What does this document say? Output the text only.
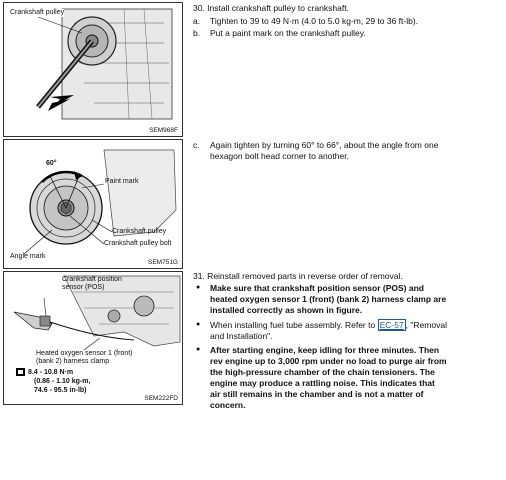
Crankshaft pulley
SEM968F
60°
Paint mark
Crankshaft pulley
Crankshaft pulley bolt
Angle mark
SEM751G
Crankshaft position
sensor (POS)
Heated oxygen sensor 1 (front)
(bank 2) harness clamp
8.4 - 10.8 N·m
(0.86 - 1.10 kg-m,
74.6 - 95.5 in-lb)
SEM222FD
30. Install crankshaft pulley to crankshaft.
a. Tighten to 39 to 49 N·m (4.0 to 5.0 kg-m, 29 to 36 ft-lb).
b. Put a paint mark on the crankshaft pulley.
c. Again tighten by turning 60° to 66°, about the angle from one
hexagon bolt head corner to another.
31. Reinstall removed parts in reverse order of removal.
● Make sure that crankshaft position sensor (POS) and
heated oxygen sensor 1 (front) (bank 2) harness clamp are
installed correctly as shown in figure.
● When installing fuel tube assembly. Refer to EC-57 , "Removal
and Installation".
● After starting engine, keep idling for three minutes. Then
rev engine up to 3,000 rpm under no load to purge air from
the high-pressure chamber of the chain tensioners. The
engine may produce a rattling noise. This indicates that
air still remains in the chamber and is not a matter of
concern.
